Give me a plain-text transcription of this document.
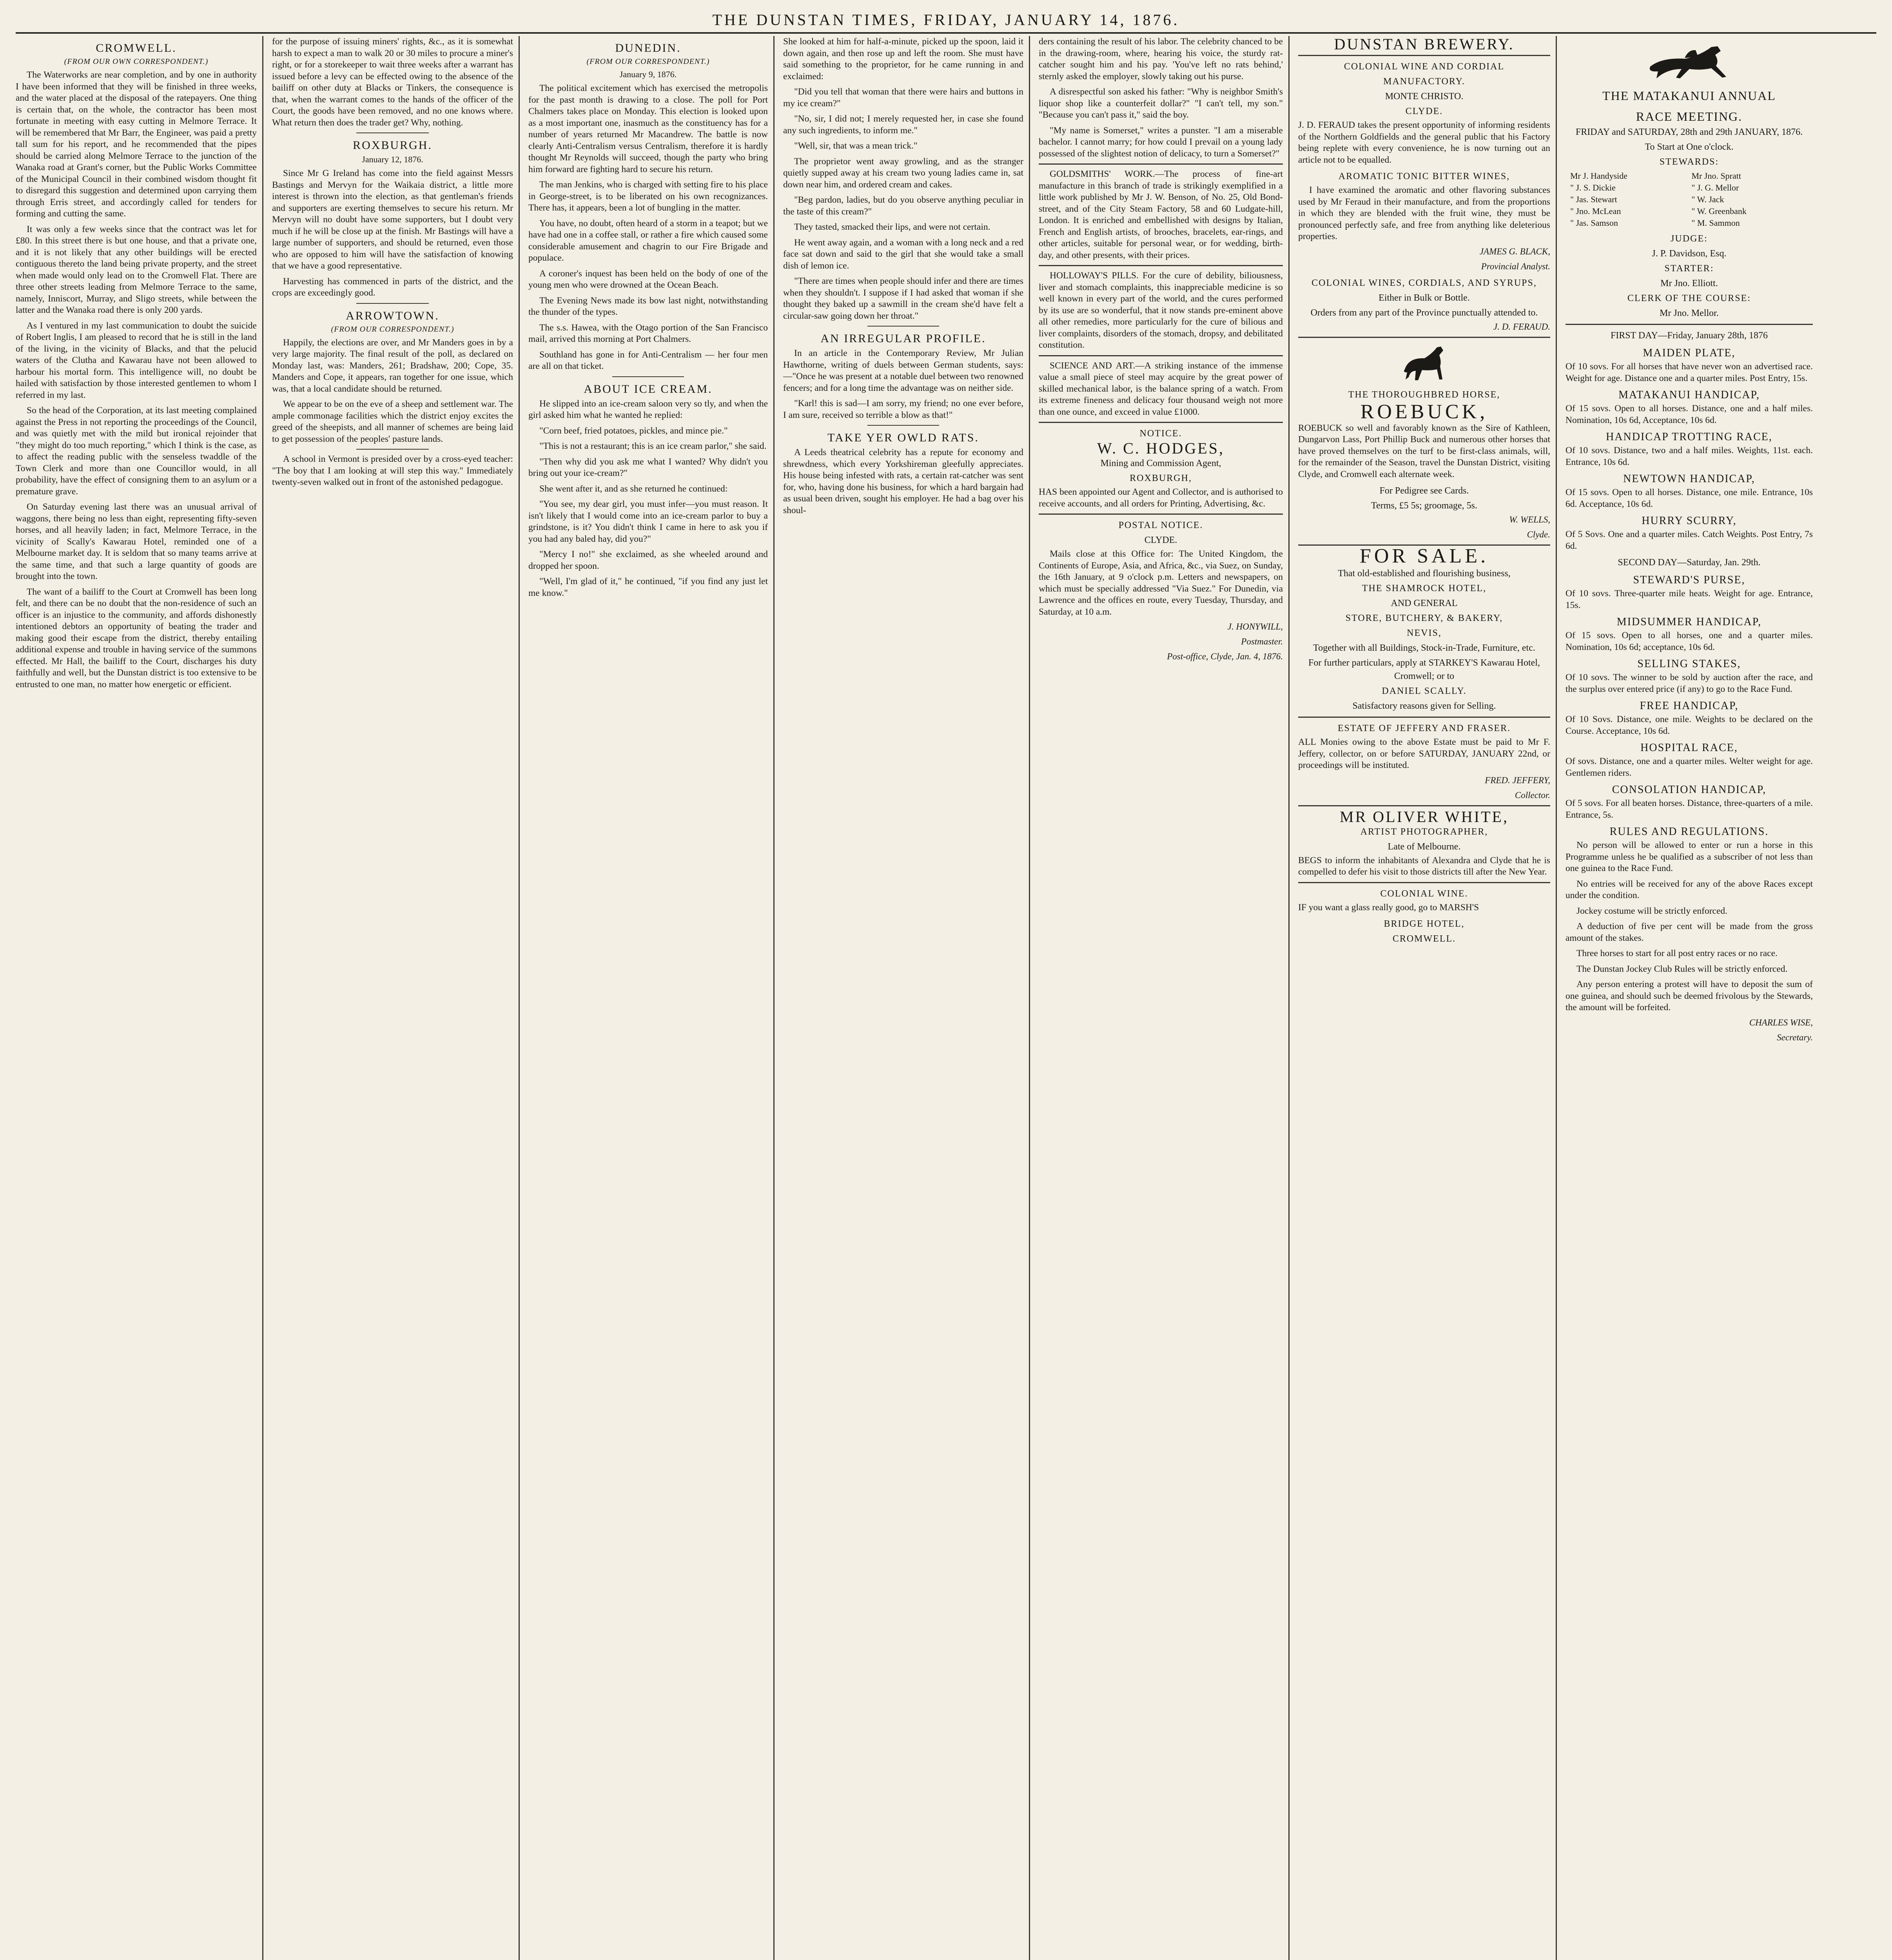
THE DUNSTAN TIMES, FRIDAY, JANUARY 14, 1876.
CROMWELL.
(FROM OUR OWN CORRESPONDENT.)

The Waterworks are near completion, and by one in authority I have been informed that they will be finished in three weeks, and the water placed at the disposal of the ratepayers. One thing is certain that, on the whole, the contractor has been most fortunate in meeting with easy cutting in Melmore Terrace. It will be remembered that Mr Barr, the Engineer, was paid a pretty tall sum for his report, and he recommended that the pipes should be carried along Melmore Terrace to the junction of the Wanaka road at Grant's corner, but the Public Works Committee of the Municipal Council in their combined wisdom thought fit to disregard this suggestion and determined upon carrying them through Erris street, and accordingly called for tenders for forming and cutting the same.

It was only a few weeks since that the contract was let for £80. In this street there is but one house, and that a private one, and it is not likely that any other buildings will be erected contiguous thereto the land being private property, and the street when made would only lead on to the Cromwell Flat. There are three other streets leading from Melmore Terrace to the same, namely, Inniscort, Murray, and Sligo streets, while between the latter and the Wanaka road there is only 200 yards.

As I ventured in my last communication to doubt the suicide of Robert Inglis, I am pleased to record that he is still in the land of the living, in the vicinity of Blacks, and that the pelucid waters of the Clutha and Kawarau have not been allowed to harbour his mortal form. This intelligence will, no doubt be hailed with satisfaction by those interested gentlemen to whom I referred in my last.

So the head of the Corporation, at its last meeting complained against the Press in not reporting the proceedings of the Council, and was quietly met with the mild but ironical rejoinder that "they might do too much reporting," which I think is the case, as to affect the reading public with the senseless twaddle of the Town Clerk and more than one Councillor would, in all probability, have the effect of consigning them to an asylum or a premature grave.

On Saturday evening last there was an unusual arrival of waggons, there being no less than eight, representing fifty-seven horses, and all heavily laden; in fact, Melmore Terrace, in the vicinity of Scally's Kawarau Hotel, reminded one of a Melbourne market day. It is seldom that so many teams arrive at the same time, and that such a large quantity of goods are brought into the town.

The want of a bailiff to the Court at Cromwell has been long felt, and there can be no doubt that the non-residence of such an officer is an injustice to the community, and affords dishonestly intentioned debtors an opportunity of beating the trader and making good their escape from the district, thereby entailing additional expense and trouble in having service of the summons effected. Mr Hall, the bailiff to the Court, discharges his duty faithfully and well, but the Dunstan district is too extensive to be entrusted to one man, no matter how energetic or efficient.

for the purpose of issuing miners' rights, &c., as it is somewhat harsh to expect a man to walk 20 or 30 miles to procure a miner's right, or for a storekeeper to wait three weeks after a warrant has issued before a levy can be effected owing to the absence of the bailiff on other duty at Blacks or Tinkers, the consequence is that, when the warrant comes to the hands of the officer of the Court, the goods have been removed, and no one knows where. What return then does the trader get? Why, nothing.

ROXBURGH.
January 12, 1876.

Since Mr G Ireland has come into the field against Messrs Bastings and Mervyn for the Waikaia district, a little more interest is thrown into the election, as that gentleman's friends and supporters are exerting themselves to secure his return. Mr Mervyn will no doubt have some supporters, but I doubt very much if he will be close up at the finish. Mr Bastings will have a large number of supporters, and should be returned, even those who are opposed to him will have the satisfaction of knowing that we have a good representative.

Harvesting has commenced in parts of the district, and the crops are exceedingly good.

ARROWTOWN.
(FROM OUR CORRESPONDENT.)

Happily, the elections are over, and Mr Manders goes in by a very large majority. The final result of the poll, as declared on Monday last, was: Manders, 261; Bradshaw, 200; Cope, 35. Manders and Cope, it appears, ran together for one issue, which was, that a local candidate should be returned.

We appear to be on the eve of a sheep and settlement war. The ample commonage facilities which the district enjoy excites the greed of the sheepists, and all manner of schemes are being laid to get possession of the peoples' pasture lands.

A school in Vermont is presided over by a cross-eyed teacher: "The boy that I am looking at will step this way." Immediately twenty-seven walked out in front of the astonished pedagogue.

DUNEDIN.
(FROM OUR CORRESPONDENT.)
January 9, 1876.

The political excitement which has exercised the metropolis for the past month is drawing to a close. The poll for Port Chalmers takes place on Monday. This election is looked upon as a most important one, inasmuch as the constituency has for a number of years returned Mr Macandrew. The battle is now clearly Anti-Centralism versus Centralism, therefore it is hardly thought Mr Reynolds will succeed, though the party who bring him forward are fighting hard to secure his return.

The man Jenkins, who is charged with setting fire to his place in George-street, is to be liberated on his own recognizances. There has, it appears, been a lot of bungling in the matter.

You have, no doubt, often heard of a storm in a teapot; but we have had one in a coffee stall, or rather a fire which caused some considerable amusement and chagrin to our Fire Brigade and populace.

A coroner's inquest has been held on the body of one of the young men who were drowned at the Ocean Beach.

The Evening News made its bow last night, notwithstanding the thunder of the types.

The s.s. Hawea, with the Otago portion of the San Francisco mail, arrived this morning at Port Chalmers.

Southland has gone in for Anti-Centralism — her four men are all on that ticket.

ABOUT ICE CREAM.

He slipped into an ice-cream saloon very so tly, and when the girl asked him what he wanted he replied:

"Corn beef, fried potatoes, pickles, and mince pie."

"This is not a restaurant; this is an ice cream parlor," she said.

"Then why did you ask me what I wanted? Why didn't you bring out your ice-cream?"

She went after it, and as she returned he continued:

"You see, my dear girl, you must infer—you must reason. It isn't likely that I would come into an ice-cream parlor to buy a grindstone, is it? You didn't think I came in here to ask you if you had any baled hay, did you?"

"Mercy I no!" she exclaimed, as she wheeled around and dropped her spoon.

"Well, I'm glad of it," he continued, "if you find any just let me know."

She looked at him for half-a-minute, picked up the spoon, laid it down again, and then rose up and left the room. She must have said something to the proprietor, for he came running in and exclaimed:

"Did you tell that woman that there were hairs and buttons in my ice cream?"

"No, sir, I did not; I merely requested her, in case she found any such ingredients, to inform me."

"Well, sir, that was a mean trick."

The proprietor went away growling, and as the stranger quietly supped away at his cream two young ladies came in, sat down near him, and ordered cream and cakes.

"Beg pardon, ladies, but do you observe anything peculiar in the taste of this cream?"

They tasted, smacked their lips, and were not certain.

He went away again, and a woman with a long neck and a red face sat down and said to the girl that she would take a small dish of lemon ice.

"There are times when people should infer and there are times when they shouldn't. I suppose if I had asked that woman if she thought they baked up a sawmill in the cream she'd have felt a circular-saw going down her throat."

AN IRREGULAR PROFILE.

In an article in the Contemporary Review, Mr Julian Hawthorne, writing of duels between German students, says:—"Once he was present at a notable duel between two renowned fencers; and for a long time the advantage was on neither side.

"Karl! this is sad—I am sorry, my friend; no one ever before, I am sure, received so terrible a blow as that!"

TAKE YER OWLD RATS.

A Leeds theatrical celebrity has a repute for economy and shrewdness, which every Yorkshireman gleefully appreciates. His house being infested with rats, a certain rat-catcher was sent for, who, having done his business, for which a hard bargain had as usual been driven, sought his employer. He had a bag over his shoul-

ders containing the result of his labor. The celebrity chanced to be in the drawing-room, where, hearing his voice, the sturdy rat-catcher sought him and his pay. 'You've left no rats behind,' sternly asked the employer, slowly taking out his purse.

A disrespectful son asked his father: "Why is neighbor Smith's liquor shop like a counterfeit dollar?" "I can't tell, my son." "Because you can't pass it," said the boy.

"My name is Somerset," writes a punster. "I am a miserable bachelor. I cannot marry; for how could I prevail on a young lady possessed of the slightest notion of delicacy, to turn a Somerset?"

GOLDSMITHS' WORK.—The process of fine-art manufacture in this branch of trade is strikingly exemplified in a little work published by Mr J. W. Benson, of No. 25, Old Bond-street, and of the City Steam Factory, 58 and 60 Ludgate-hill, London. It is enriched and embellished with designs by Italian, French and English artists, of brooches, bracelets, ear-rings, and other articles, suitable for personal wear, or for wedding, birth-day, and other presents, with their prices.

HOLLOWAY'S PILLS. For the cure of debility, biliousness, liver and stomach complaints, this inappreciable medicine is so well known in every part of the world, and the cures performed by its use are so wonderful, that it now stands pre-eminent above all other remedies, more particularly for the cure of bilious and liver complaints, disorders of the stomach, dropsy, and debilitated constitution.

SCIENCE AND ART.—A striking instance of the immense value a small piece of steel may acquire by the great power of skilled mechanical labor, is the balance spring of a watch. From its extreme fineness and delicacy four thousand weigh not more than one ounce, and exceed in value £1000.

NOTICE.
W. C. HODGES,
Mining and Commission Agent,
ROXBURGH,

HAS been appointed our Agent and Collector, and is authorised to receive accounts, and all orders for Printing, Advertising, &c.

POSTAL NOTICE.
CLYDE.

Mails close at this Office for: The United Kingdom, the Continents of Europe, Asia, and Africa, &c., via Suez, on Sunday, the 16th January, at 9 o'clock p.m. Letters and newspapers, on which must be specially addressed "Via Suez." For Dunedin, via Lawrence and the offices en route, every Tuesday, Thursday, and Saturday, at 10 a.m.

J. HONYWILL,
Postmaster.
Post-office, Clyde, Jan. 4, 1876.
DUNSTAN BREWERY.
COLONIAL WINE AND CORDIAL
MANUFACTORY.
MONTE CHRISTO.
CLYDE.

J. D. FERAUD takes the present opportunity of informing residents of the Northern Goldfields and the general public that his Factory being replete with every convenience, he is now turning out an article not to be equalled.

AROMATIC TONIC BITTER WINES,

I have examined the aromatic and other flavoring substances used by Mr Feraud in their manufacture, and from the proportions in which they are blended with the fruit wine, they must be pronounced perfectly safe, and free from anything like deleterious properties.

JAMES G. BLACK,
Provincial Analyst.
COLONIAL WINES, CORDIALS, AND SYRUPS,
Either in Bulk or Bottle.
Orders from any part of the Province punctually attended to.
J. D. FERAUD.
THE THOROUGHBRED HORSE,
ROEBUCK,

ROEBUCK so well and favorably known as the Sire of Kathleen, Dungarvon Lass, Port Phillip Buck and numerous other horses that have proved themselves on the turf to be first-class animals, will, for the remainder of the Season, travel the Dunstan District, visiting Clyde, and Cromwell each alternate week.

For Pedigree see Cards.
Terms, £5 5s; groomage, 5s.
W. WELLS,
Clyde.
FOR SALE.
That old-established and flourishing business,
THE SHAMROCK HOTEL,
AND GENERAL
STORE, BUTCHERY, & BAKERY,
NEVIS,
Together with all Buildings, Stock-in-Trade, Furniture, etc.
For further particulars, apply at STARKEY'S Kawarau Hotel, Cromwell; or to
DANIEL SCALLY.
Satisfactory reasons given for Selling.
ESTATE OF JEFFERY AND FRASER.

ALL Monies owing to the above Estate must be paid to Mr F. Jeffery, collector, on or before SATURDAY, JANUARY 22nd, or proceedings will be instituted.

FRED. JEFFERY,
Collector.
MR OLIVER WHITE,
ARTIST PHOTOGRAPHER,
Late of Melbourne.

BEGS to inform the inhabitants of Alexandra and Clyde that he is compelled to defer his visit to those districts till after the New Year.

COLONIAL WINE.

IF you want a glass really good, go to MARSH'S

BRIDGE HOTEL,
CROMWELL.
THE MATAKANUI ANNUAL
RACE MEETING.
FRIDAY and SATURDAY, 28th and 29th JANUARY, 1876.
To Start at One o'clock.
STEWARDS:
Mr J. Handyside	Mr Jno. Spratt
" J. S. Dickie	" J. G. Mellor
" Jas. Stewart	" W. Jack
" Jno. McLean	" W. Greenbank
" Jas. Samson	" M. Sammon
JUDGE:
J. P. Davidson, Esq.
STARTER:
Mr Jno. Elliott.
CLERK OF THE COURSE:
Mr Jno. Mellor.
FIRST DAY—Friday, January 28th, 1876
MAIDEN PLATE,

Of 10 sovs. For all horses that have never won an advertised race. Weight for age. Distance one and a quarter miles. Post Entry, 15s.

MATAKANUI HANDICAP,

Of 15 sovs. Open to all horses. Distance, one and a half miles. Nomination, 10s 6d, Acceptance, 10s 6d.

HANDICAP TROTTING RACE,

Of 10 sovs. Distance, two and a half miles. Weights, 11st. each. Entrance, 10s 6d.

NEWTOWN HANDICAP,

Of 15 sovs. Open to all horses. Distance, one mile. Entrance, 10s 6d. Acceptance, 10s 6d.

HURRY SCURRY,

Of 5 Sovs. One and a quarter miles. Catch Weights. Post Entry, 7s 6d.

SECOND DAY—Saturday, Jan. 29th.
STEWARD'S PURSE,

Of 10 sovs. Three-quarter mile heats. Weight for age. Entrance, 15s.

MIDSUMMER HANDICAP,

Of 15 sovs. Open to all horses, one and a quarter miles. Nomination, 10s 6d; acceptance, 10s 6d.

SELLING STAKES,

Of 10 sovs. The winner to be sold by auction after the race, and the surplus over entered price (if any) to go to the Race Fund.

FREE HANDICAP,

Of 10 Sovs. Distance, one mile. Weights to be declared on the Course. Acceptance, 10s 6d.

HOSPITAL RACE,

Of sovs. Distance, one and a quarter miles. Welter weight for age. Gentlemen riders.

CONSOLATION HANDICAP,

Of 5 sovs. For all beaten horses. Distance, three-quarters of a mile. Entrance, 5s.

RULES AND REGULATIONS.

No person will be allowed to enter or run a horse in this Programme unless he be qualified as a subscriber of not less than one guinea to the Race Fund.

No entries will be received for any of the above Races except under the condition.

Jockey costume will be strictly enforced.

A deduction of five per cent will be made from the gross amount of the stakes.

Three horses to start for all post entry races or no race.

The Dunstan Jockey Club Rules will be strictly enforced.

Any person entering a protest will have to deposit the sum of one guinea, and should such be deemed frivolous by the Stewards, the amount will be forfeited.

CHARLES WISE,
Secretary.
